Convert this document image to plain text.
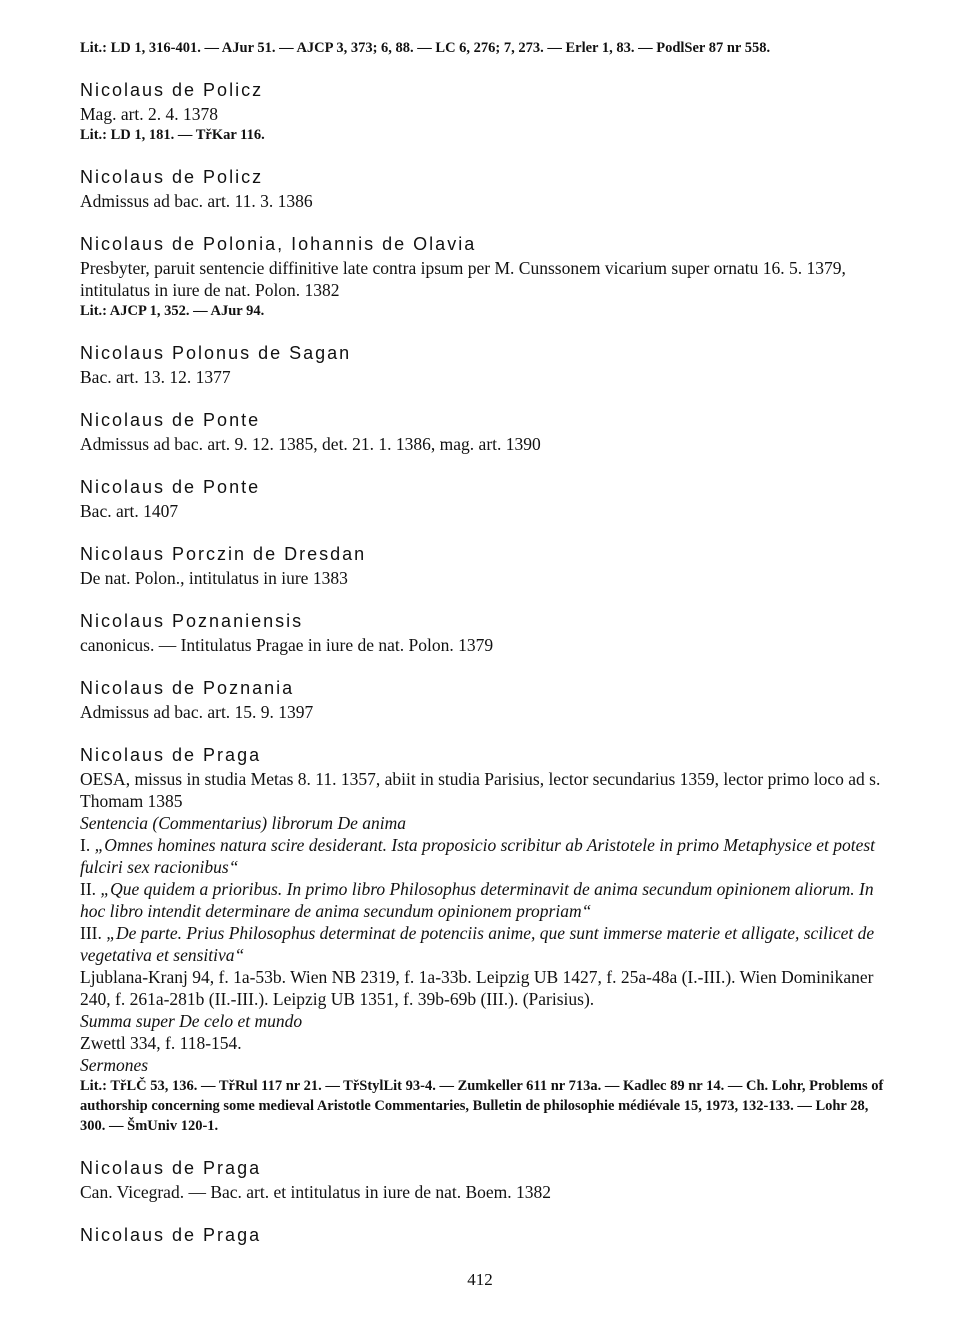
Lit.: LD 1, 316-401. — AJur 51. — AJCP 3, 373; 6, 88. — LC 6, 276; 7, 273. — Erler 1, 83. — PodlSer 87 nr 558.

Nicolaus de Policz

Mag. art. 2. 4. 1378

Lit.: LD 1, 181. — TřKar 116.

Nicolaus de Policz

Admissus ad bac. art. 11. 3. 1386

Nicolaus de Polonia, Iohannis de Olavia

Presbyter, paruit sentencie diffinitive late contra ipsum per M. Cunssonem vicarium super ornatu 16. 5. 1379, intitulatus in iure de nat. Polon. 1382

Lit.: AJCP 1, 352. — AJur 94.

Nicolaus Polonus de Sagan

Bac. art. 13. 12. 1377

Nicolaus de Ponte

Admissus ad bac. art. 9. 12. 1385, det. 21. 1. 1386, mag. art. 1390

Nicolaus de Ponte

Bac. art. 1407

Nicolaus Porczin de Dresdan

De nat. Polon., intitulatus in iure 1383

Nicolaus Poznaniensis

canonicus. — Intitulatus Pragae in iure de nat. Polon. 1379

Nicolaus de Poznania

Admissus ad bac. art. 15. 9. 1397

Nicolaus de Praga

OESA, missus in studia Metas 8. 11. 1357, abiit in studia Parisius, lector secundarius 1359, lector primo loco ad s. Thomam 1385

Sentencia (Commentarius) librorum De anima

I. „Omnes homines natura scire desiderant. Ista proposicio scribitur ab Aristotele in primo Metaphysice et potest fulciri sex racionibus“

II. „Que quidem a prioribus. In primo libro Philosophus determinavit de anima secundum opinionem aliorum. In hoc libro intendit determinare de anima secundum opinionem propriam“

III. „De parte. Prius Philosophus determinat de potenciis anime, que sunt immerse materie et alligate, scilicet de vegetativa et sensitiva“

Ljublana-Kranj 94, f. 1a-53b. Wien NB 2319, f. 1a-33b. Leipzig UB 1427, f. 25a-48a (I.-III.). Wien Dominikaner 240, f. 261a-281b (II.-III.). Leipzig UB 1351, f. 39b-69b (III.). (Parisius).

Summa super De celo et mundo

Zwettl 334, f. 118-154.

Sermones

Lit.: TřLČ 53, 136. — TřRul 117 nr 21. — TřStylLit 93-4. — Zumkeller 611 nr 713a. — Kadlec 89 nr 14. — Ch. Lohr, Problems of authorship concerning some medieval Aristotle Commentaries, Bulletin de philosophie médiévale 15, 1973, 132-133. — Lohr 28, 300. — ŠmUniv 120-1.

Nicolaus de Praga

Can. Vicegrad. — Bac. art. et intitulatus in iure de nat. Boem. 1382

Nicolaus de Praga
412
